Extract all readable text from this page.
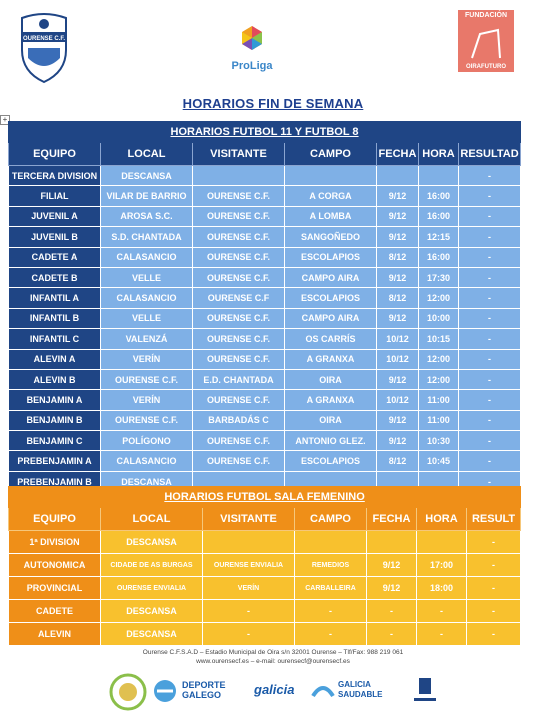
OURENSE C.F.
ProLiga
FUNDACIÓN
OIRAFUTURO
HORARIOS FIN DE SEMANA
+
HORARIOS FUTBOL 11 Y FUTBOL 8						
EQUIPO	LOCAL	VISITANTE	CAMPO	FECHA	HORA	RESULTAD
TERCERA DIVISION	DESCANSA					-
FILIAL	VILAR DE BARRIO	OURENSE C.F.	A CORGA	9/12	16:00	-
JUVENIL A	AROSA S.C.	OURENSE C.F.	A LOMBA	9/12	16:00	-
JUVENIL B	S.D. CHANTADA	OURENSE C.F.	SANGOÑEDO	9/12	12:15	-
CADETE A	CALASANCIO	OURENSE C.F.	ESCOLAPIOS	8/12	16:00	-
CADETE B	VELLE	OURENSE C.F.	CAMPO AIRA	9/12	17:30	-
INFANTIL A	CALASANCIO	OURENSE C.F	ESCOLAPIOS	8/12	12:00	-
INFANTIL B	VELLE	OURENSE C.F.	CAMPO AIRA	9/12	10:00	-
INFANTIL C	VALENZÁ	OURENSE C.F.	OS CARRÍS	10/12	10:15	-
ALEVIN A	VERÍN	OURENSE C.F.	A GRANXA	10/12	12:00	-
ALEVIN B	OURENSE C.F.	E.D. CHANTADA	OIRA	9/12	12:00	-
BENJAMIN A	VERÍN	OURENSE C.F.	A GRANXA	10/12	11:00	-
BENJAMIN B	OURENSE C.F.	BARBADÁS C	OIRA	9/12	11:00	-
BENJAMIN C	POLÍGONO	OURENSE C.F.	ANTONIO GLEZ.	9/12	10:30	-
PREBENJAMIN A	CALASANCIO	OURENSE C.F.	ESCOLAPIOS	8/12	10:45	-
PREBENJAMIN B	DESCANSA					-
HORARIOS FUTBOL SALA FEMENINO						
EQUIPO	LOCAL	VISITANTE	CAMPO	FECHA	HORA	RESULT
1ª DIVISION	DESCANSA					-
AUTONOMICA	CIDADE DE AS BURGAS	OURENSE ENVIALIA	REMEDIOS	9/12	17:00	-
PROVINCIAL	OURENSE ENVIALIA	VERÍN	CARBALLEIRA	9/12	18:00	-
CADETE	DESCANSA	-	-	-	-	-
ALEVIN	DESCANSA	-	-	-	-	-
Ourense C.F.S.A.D – Estadio Municipal de Oira s/n 32001 Ourense – Tlf/Fax: 988 219 061
www.ourensecf.es – e-mail: ourensecf@ourensecf.es
DEPORTE GALEGO	galicia	GALICIA SAUDABLE
